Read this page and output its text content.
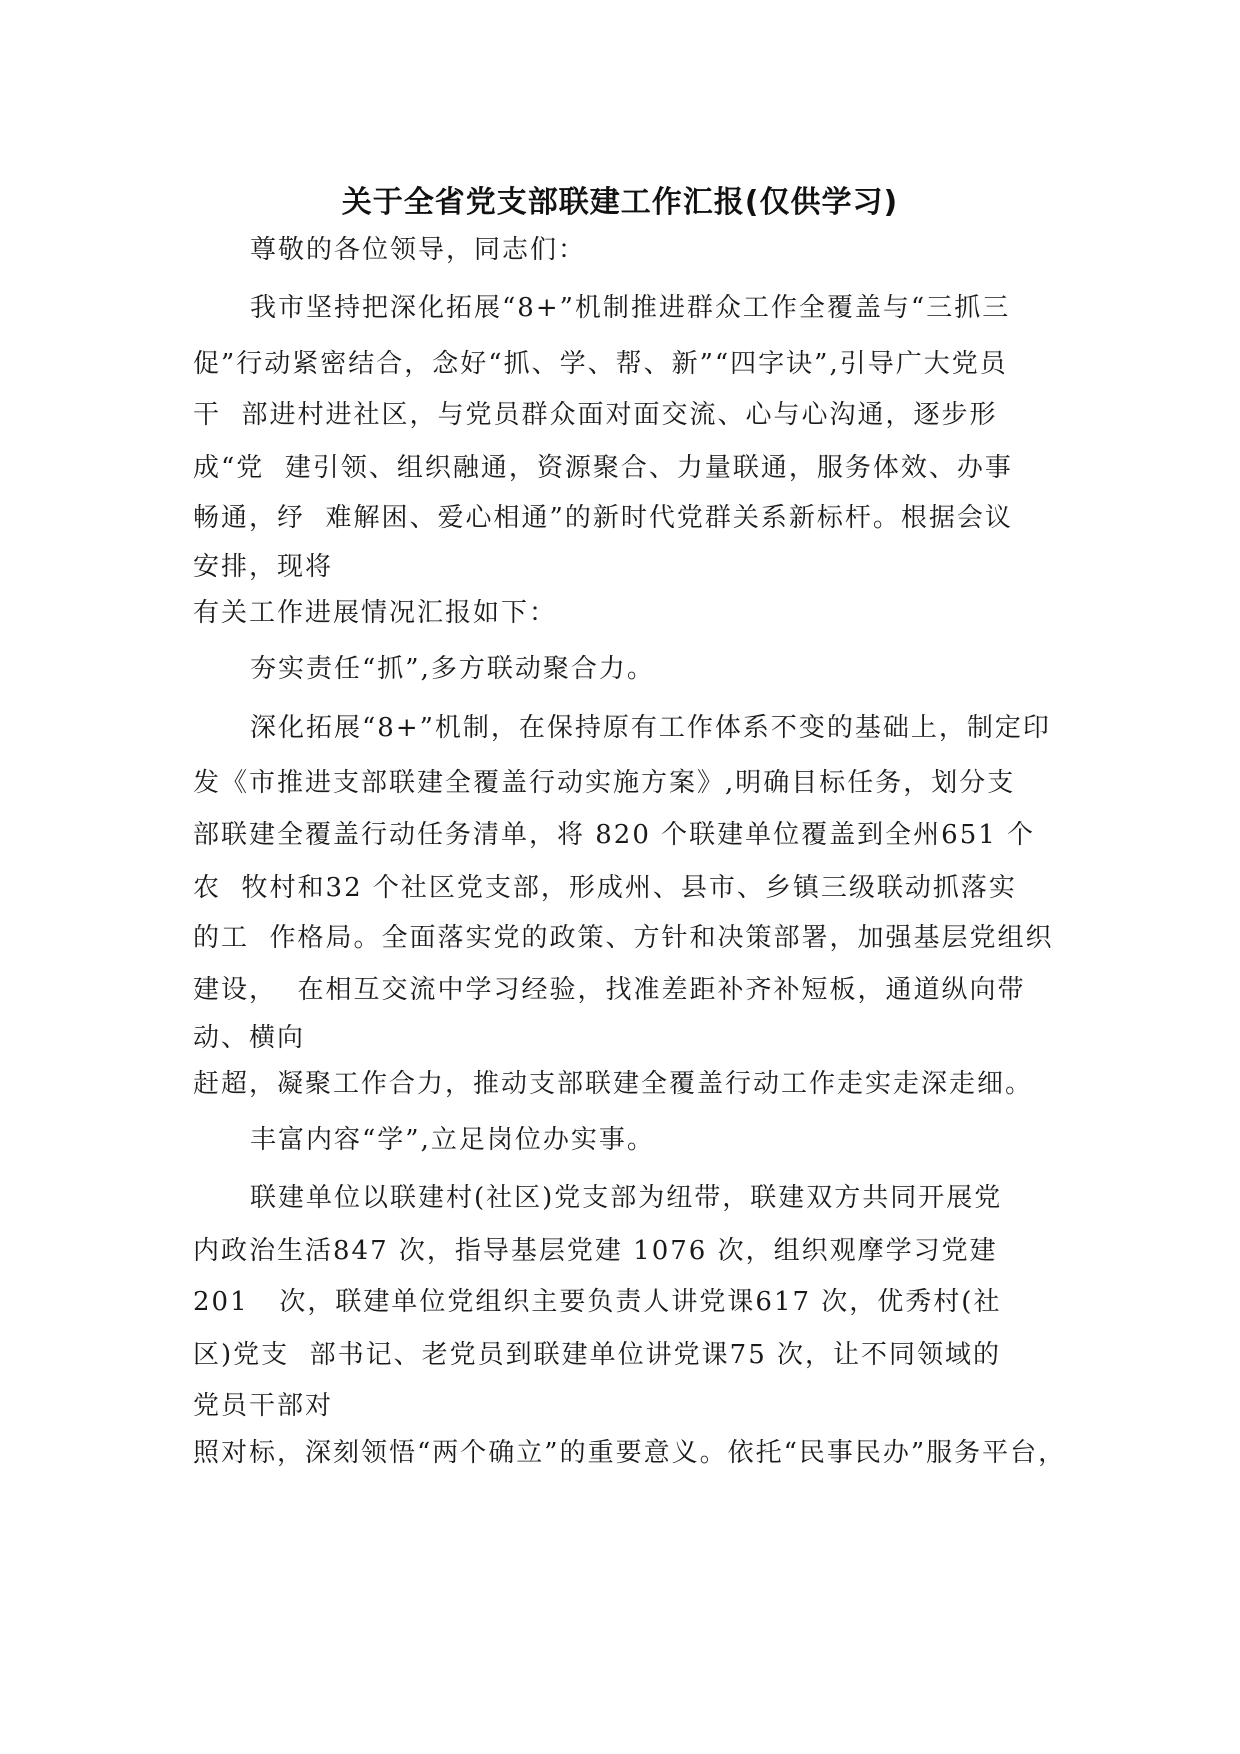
关于全省党支部联建工作汇报(仅供学习)
尊敬的各位领导，同志们：
我市坚持把深化拓展“8+”机制推进群众工作全覆盖与“三抓三
促”行动紧密结合，念好“抓、学、帮、新”“四字诀”,引导广大党员
干  部进村进社区，与党员群众面对面交流、心与心沟通，逐步形
成“党  建引领、组织融通，资源聚合、力量联通，服务体效、办事
畅通，纾  难解困、爱心相通”的新时代党群关系新标杆。根据会议
安排，现将
有关工作进展情况汇报如下：
夯实责任“抓”,多方联动聚合力。
深化拓展“8+”机制，在保持原有工作体系不变的基础上，制定印
发《市推进支部联建全覆盖行动实施方案》,明确目标任务，划分支
部联建全覆盖行动任务清单，将 820 个联建单位覆盖到全州651 个
农  牧村和32 个社区党支部，形成州、县市、乡镇三级联动抓落实
的工  作格局。全面落实党的政策、方针和决策部署，加强基层党组织
建设，  在相互交流中学习经验，找准差距补齐补短板，通道纵向带
动、横向
赶超，凝聚工作合力，推动支部联建全覆盖行动工作走实走深走细。
丰富内容“学”,立足岗位办实事。
联建单位以联建村(社区)党支部为纽带，联建双方共同开展党
内政治生活847 次，指导基层党建 1076 次，组织观摩学习党建
201   次，联建单位党组织主要负责人讲党课617 次，优秀村(社
区)党支  部书记、老党员到联建单位讲党课75 次，让不同领域的
党员干部对
照对标，深刻领悟“两个确立”的重要意义。依托“民事民办”服务平台，
